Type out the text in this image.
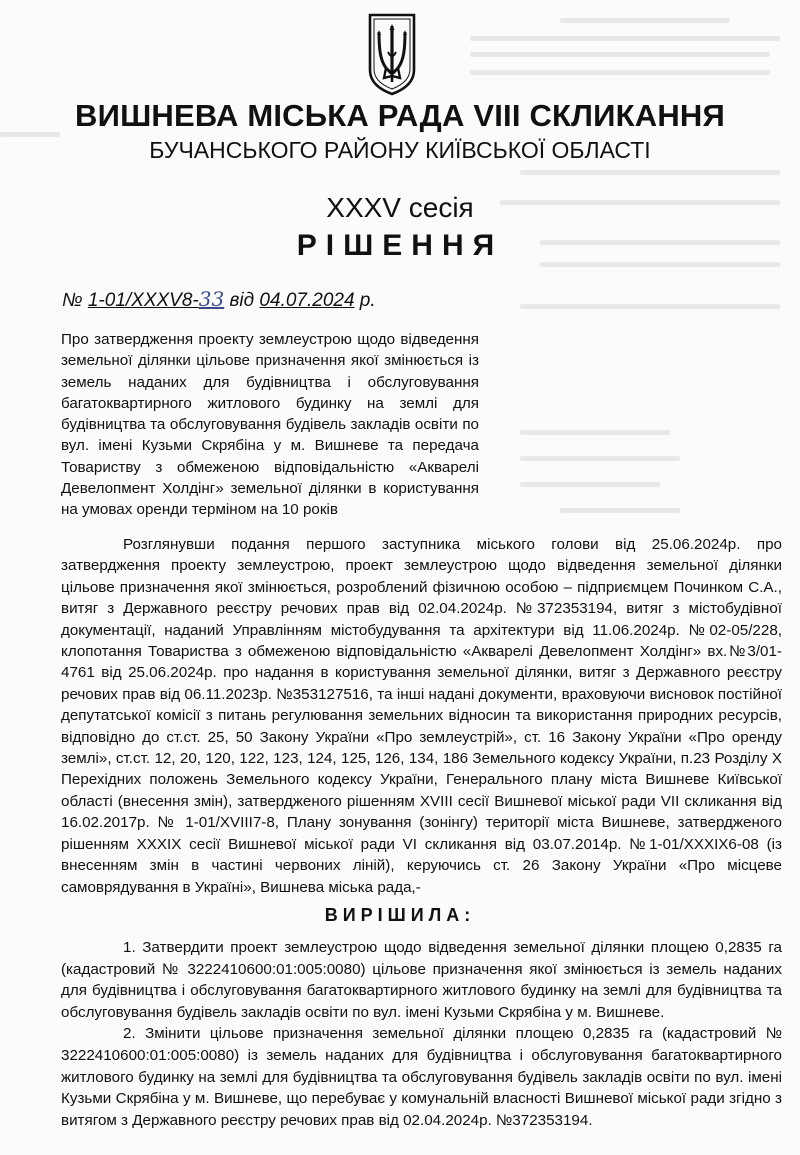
ВИШНЕВА МІСЬКА РАДА VІІІ СКЛИКАННЯ
БУЧАНСЬКОГО РАЙОНУ КИЇВСЬКОЇ ОБЛАСТІ
ХХXV сесія
РІШЕННЯ
№ 1-01/XXXV8-33 від 04.07.2024 р.

Про затвердження проекту землеустрою щодо відведення земельної ділянки цільове призначення якої змінюється із земель наданих для будівництва і обслуговування багатоквартирного житлового будинку на землі для будівництва та обслуговування будівель закладів освіти по вул. імені Кузьми Скрябіна у м. Вишневе та передача Товариству з обмеженою відповідальністю «Акварелі Девелопмент Холдінг» земельної ділянки в користування на умовах оренди терміном на 10 років

Розглянувши подання першого заступника міського голови від 25.06.2024р. про затвердження проекту землеустрою, проект землеустрою щодо відведення земельної ділянки цільове призначення якої змінюється, розроблений фізичною особою – підприємцем Починком С.А., витяг з Державного реєстру речових прав від 02.04.2024р. №372353194, витяг з містобудівної документації, наданий Управлінням містобудування та архітектури від 11.06.2024р. №02-05/228, клопотання Товариства з обмеженою відповідальністю «Акварелі Девелопмент Холдінг» вх.№3/01-4761 від 25.06.2024р. про надання в користування земельної ділянки, витяг з Державного реєстру речових прав від 06.11.2023р. №353127516, та інші надані документи, враховуючи висновок постійної депутатської комісії з питань регулювання земельних відносин та використання природних ресурсів, відповідно до ст.ст. 25, 50 Закону України «Про землеустрій», ст. 16 Закону України «Про оренду землі», ст.ст. 12, 20, 120, 122, 123, 124, 125, 126, 134, 186 Земельного кодексу України, п.23 Розділу X Перехідних положень Земельного кодексу України, Генерального плану міста Вишневе Київської області (внесення змін), затвердженого рішенням XVIII сесії Вишневої міської ради VII скликання від 16.02.2017р. № 1-01/XVIII7-8, Плану зонування (зонінгу) території міста Вишневе, затвердженого рішенням XXXIX сесії Вишневої міської ради VI скликання від 03.07.2014р. №1-01/XXXIX6-08 (із внесенням змін в частині червоних ліній), керуючись ст. 26 Закону України «Про місцеве самоврядування в Україні», Вишнева міська рада,-

ВИРІШИЛА:

1. Затвердити проект землеустрою щодо відведення земельної ділянки площею 0,2835 га (кадастровий № 3222410600:01:005:0080) цільове призначення якої змінюється із земель наданих для будівництва і обслуговування багатоквартирного житлового будинку на землі для будівництва та обслуговування будівель закладів освіти по вул. імені Кузьми Скрябіна у м. Вишневе.

2. Змінити цільове призначення земельної ділянки площею 0,2835 га (кадастровий № 3222410600:01:005:0080) із земель наданих для будівництва і обслуговування багатоквартирного житлового будинку на землі для будівництва та обслуговування будівель закладів освіти по вул. імені Кузьми Скрябіна у м. Вишневе, що перебуває у комунальній власності Вишневої міської ради згідно з витягом з Державного реєстру речових прав від 02.04.2024р. №372353194.
